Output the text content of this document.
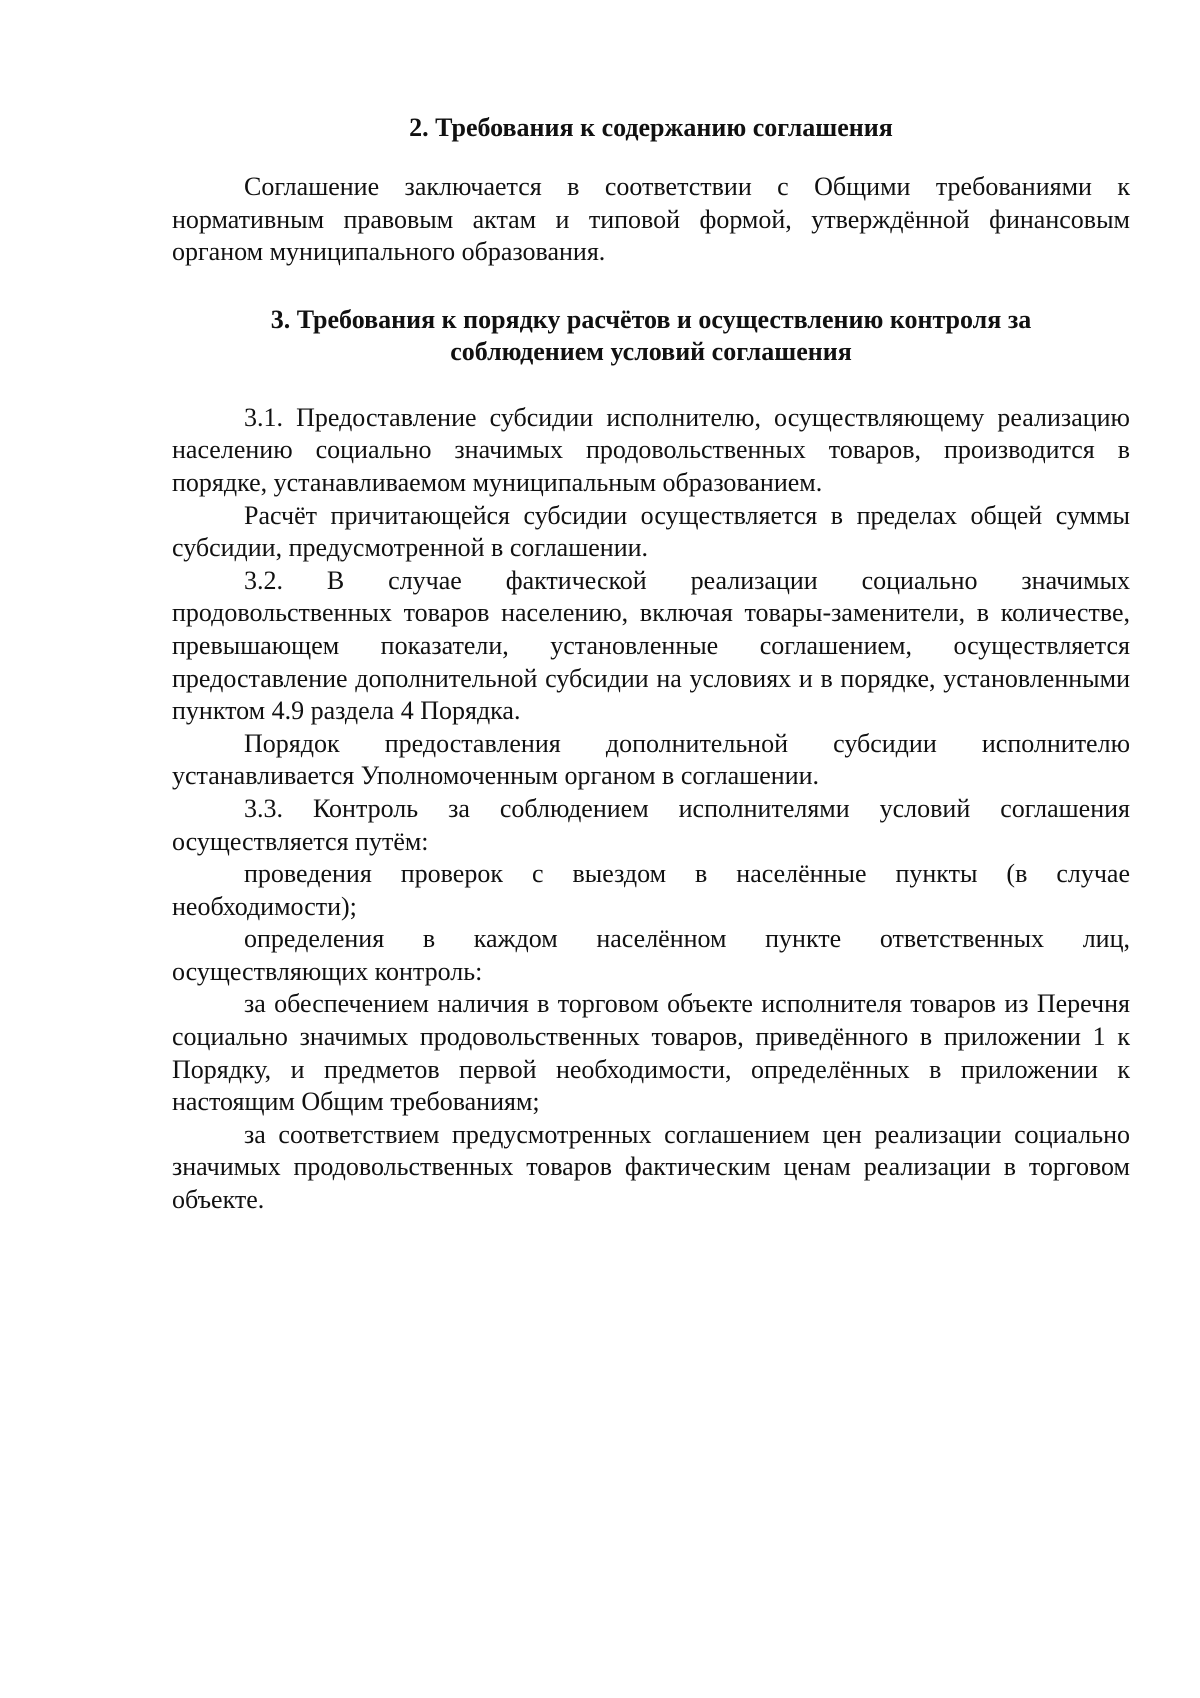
2. Требования к содержанию соглашения

Соглашение заключается в соответствии с Общими требованиями к нормативным правовым актам и типовой формой, утверждённой финансовым органом муниципального образования.

3. Требования к порядку расчётов и осуществлению контроля за
соблюдением условий соглашения

3.1. Предоставление субсидии исполнителю, осуществляющему реализацию населению социально значимых продовольственных товаров, производится в порядке, устанавливаемом муниципальным образованием.

Расчёт причитающейся субсидии осуществляется в пределах общей суммы субсидии, предусмотренной в соглашении.

3.2. В случае фактической реализации социально значимых продовольственных товаров населению, включая товары-заменители, в количестве, превышающем показатели, установленные соглашением, осуществляется предоставление дополнительной субсидии на условиях и в порядке, установленными пунктом 4.9 раздела 4 Порядка.

Порядок предоставления дополнительной субсидии исполнителю устанавливается Уполномоченным органом в соглашении.

3.3. Контроль за соблюдением исполнителями условий соглашения осуществляется путём:

проведения проверок с выездом в населённые пункты (в случае необходимости);

определения в каждом населённом пункте ответственных лиц, осуществляющих контроль:

за обеспечением наличия в торговом объекте исполнителя товаров из Перечня социально значимых продовольственных товаров, приведённого в приложении 1 к Порядку, и предметов первой необходимости, определённых в приложении к настоящим Общим требованиям;

за соответствием предусмотренных соглашением цен реализации социально значимых продовольственных товаров фактическим ценам реализации в торговом объекте.
